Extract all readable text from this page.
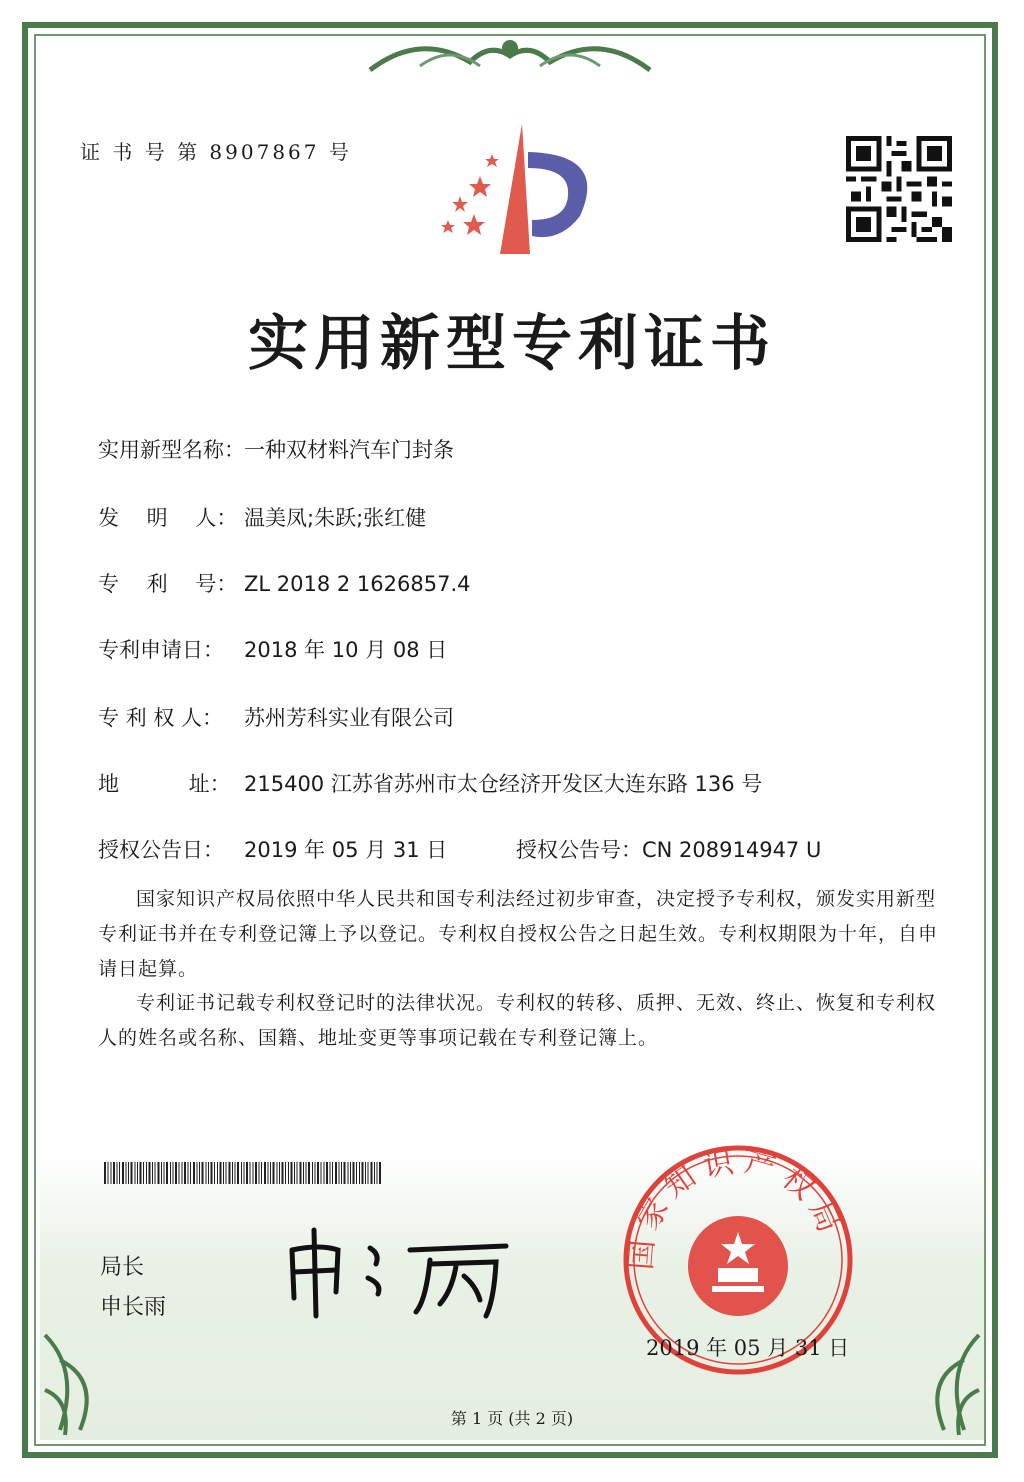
证 书 号 第 8907867 号
实用新型专利证书
实用新型名称：一种双材料汽车门封条
发　 明　 人： 温美凤;朱跃;张红健
专　 利　 号： ZL 2018 2 1626857.4
专利申请日： 2018 年 10 月 08 日
专 利 权 人： 苏州芳科实业有限公司
地　　　 址： 215400 江苏省苏州市太仓经济开发区大连东路 136 号
授权公告日： 2019 年 05 月 31 日	授权公告号：CN 208914947 U
国家知识产权局依照中华人民共和国专利法经过初步审查，决定授予专利权，颁发实用新型专利证书并在专利登记簿上予以登记。专利权自授权公告之日起生效。专利权期限为十年，自申请日起算。
专利证书记载专利权登记时的法律状况。专利权的转移、质押、无效、终止、恢复和专利权人的姓名或名称、国籍、地址变更等事项记载在专利登记簿上。
局长
申长雨
国家知识产权局
2019 年 05 月 31 日
第 1 页 (共 2 页)
